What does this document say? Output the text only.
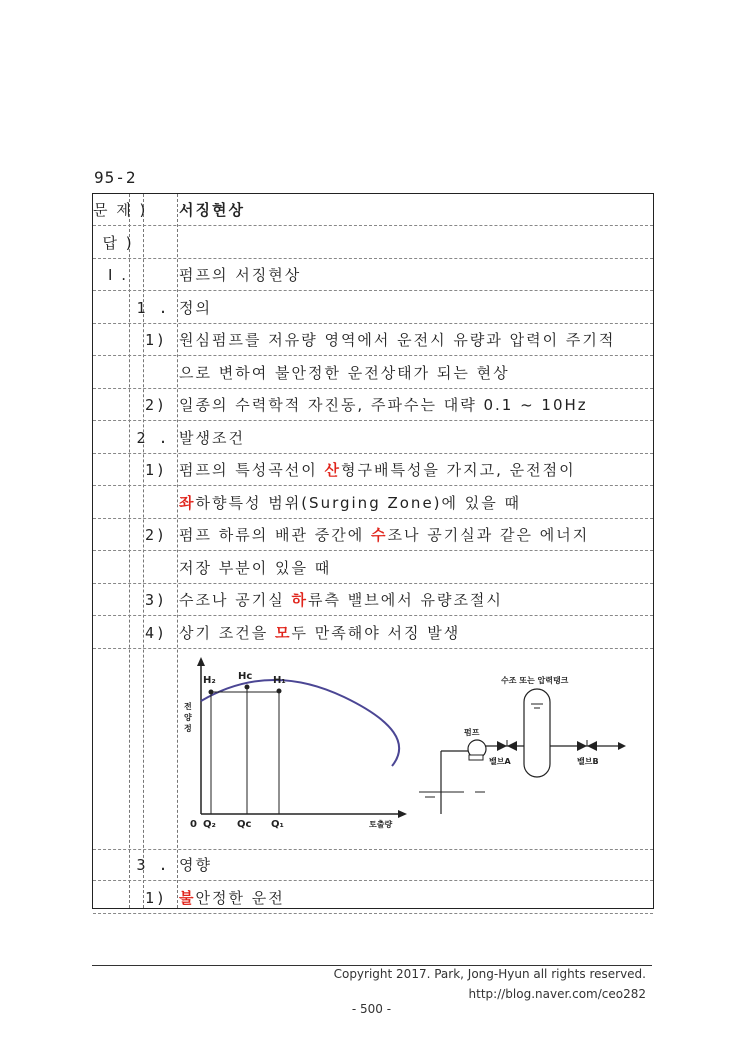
95-2
문 제 ) 서징현상
답 )
Ⅰ .	펌프의 서징현상
1 . 정의
1) 원심펌프를 저유량 영역에서 운전시 유량과 압력이 주기적
으로 변하여 불안정한 운전상태가 되는 현상
2) 일종의 수력학적 자진동, 주파수는 대략 0.1 ~ 10Hz
2 . 발생조건
1) 펌프의 특성곡선이 산형구배특성을 가지고, 운전점이
좌하향특성 범위(Surging Zone)에 있을 때
2) 펌프 하류의 배관 중간에 수조나 공기실과 같은 에너지
저장 부분이 있을 때
3) 수조나 공기실 하류측 밸브에서 유량조절시
4) 상기 조건을 모두 만족해야 서징 발생
H₂ Hc H₁
전 양 정
0 Q₂ Qc Q₁	토출량
수조 또는 압력탱크
펌프
밸브A	밸브B
3 . 영향
1) 불안정한 운전
Copyright 2017. Park, Jong-Hyun all rights reserved.
http://blog.naver.com/ceo282
- 500 -
